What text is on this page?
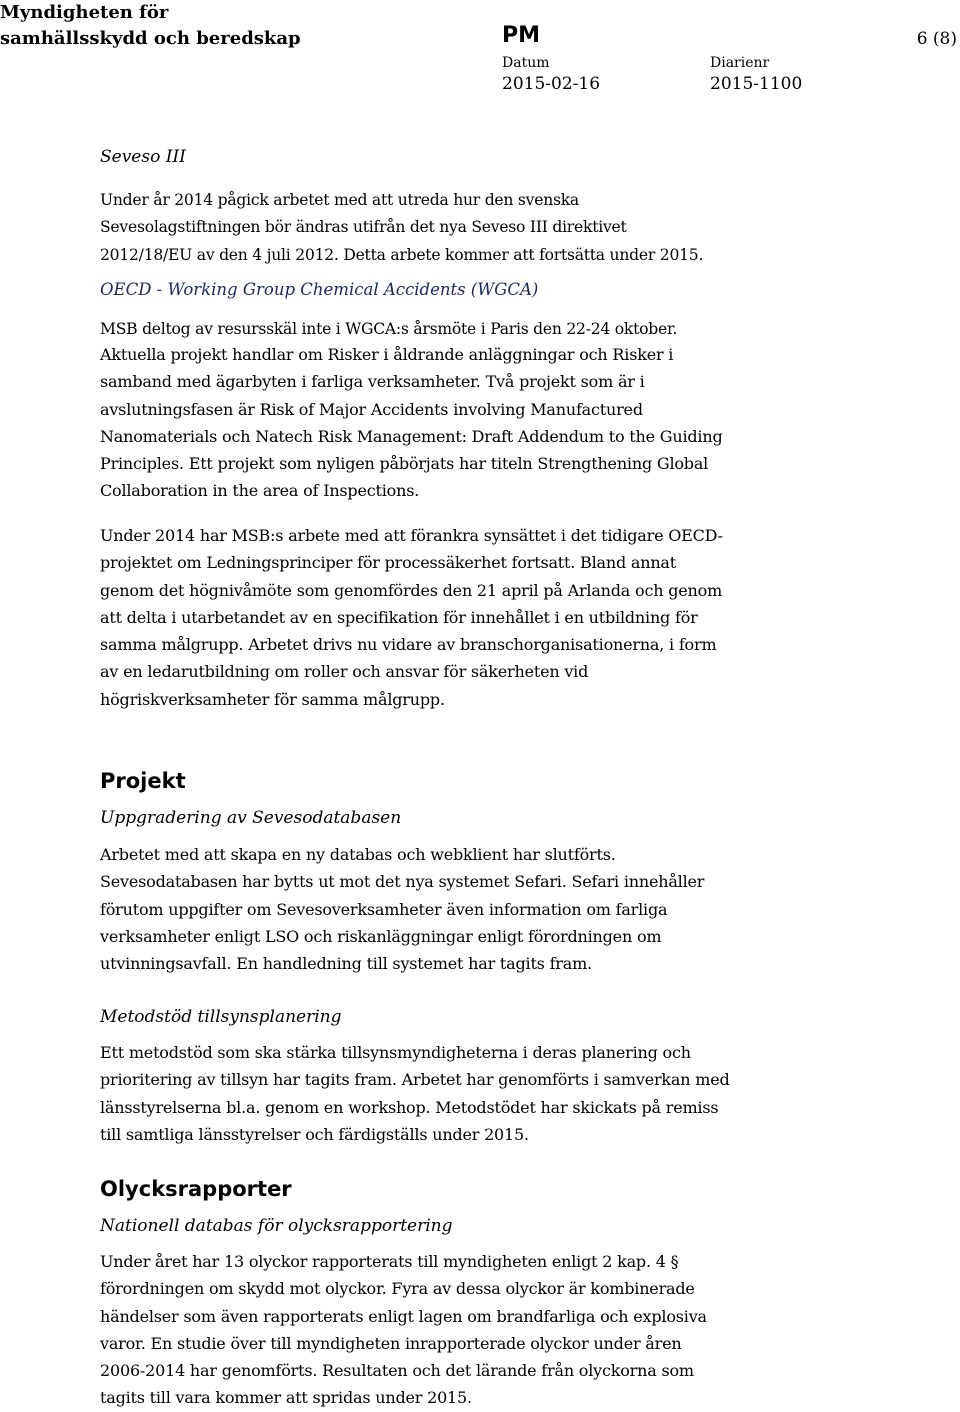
Myndigheten för
samhällsskydd och beredskap	PM	6 (8)
Datum
2015-02-16
Diarienr
2015-1100
Seveso III
Under år 2014 pågick arbetet med att utreda hur den svenska
Sevesolagstiftningen bör ändras utifrån det nya Seveso III direktivet
2012/18/EU av den 4 juli 2012. Detta arbete kommer att fortsätta under 2015.
OECD - Working Group Chemical Accidents (WGCA)
MSB deltog av resursskäl inte i WGCA:s årsmöte i Paris den 22-24 oktober.
Aktuella projekt handlar om Risker i åldrande anläggningar och Risker i
samband med ägarbyten i farliga verksamheter. Två projekt som är i
avslutningsfasen är Risk of Major Accidents involving Manufactured
Nanomaterials och Natech Risk Management: Draft Addendum to the Guiding
Principles. Ett projekt som nyligen påbörjats har titeln Strengthening Global
Collaboration in the area of Inspections.
Under 2014 har MSB:s arbete med att förankra synsättet i det tidigare OECD-
projektet om Ledningsprinciper för processäkerhet fortsatt. Bland annat
genom det högnivåmöte som genomfördes den 21 april på Arlanda och genom
att delta i utarbetandet av en specifikation för innehållet i en utbildning för
samma målgrupp. Arbetet drivs nu vidare av branschorganisationerna, i form
av en ledarutbildning om roller och ansvar för säkerheten vid
högriskverksamheter för samma målgrupp.
Projekt
Uppgradering av Sevesodatabasen
Arbetet med att skapa en ny databas och webklient har slutförts.
Sevesodatabasen har bytts ut mot det nya systemet Sefari. Sefari innehåller
förutom uppgifter om Sevesoverksamheter även information om farliga
verksamheter enligt LSO och riskanläggningar enligt förordningen om
utvinningsavfall. En handledning till systemet har tagits fram.
Metodstöd tillsynsplanering
Ett metodstöd som ska stärka tillsynsmyndigheterna i deras planering och
prioritering av tillsyn har tagits fram. Arbetet har genomförts i samverkan med
länsstyrelserna bl.a. genom en workshop. Metodstödet har skickats på remiss
till samtliga länsstyrelser och färdigställs under 2015.
Olycksrapporter
Nationell databas för olycksrapportering
Under året har 13 olyckor rapporterats till myndigheten enligt 2 kap. 4 §
förordningen om skydd mot olyckor. Fyra av dessa olyckor är kombinerade
händelser som även rapporterats enligt lagen om brandfarliga och explosiva
varor. En studie över till myndigheten inrapporterade olyckor under åren
2006-2014 har genomförts. Resultaten och det lärande från olyckorna som
tagits till vara kommer att spridas under 2015.
